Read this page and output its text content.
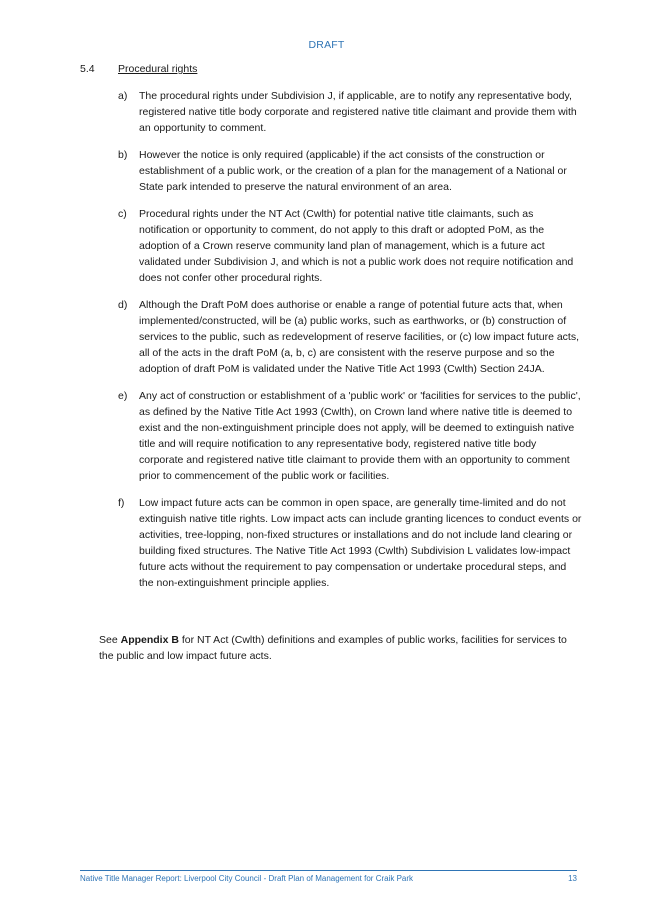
DRAFT
5.4 Procedural rights
a) The procedural rights under Subdivision J, if applicable, are to notify any representative body, registered native title body corporate and registered native title claimant and provide them with an opportunity to comment.
b) However the notice is only required (applicable) if the act consists of the construction or establishment of a public work, or the creation of a plan for the management of a National or State park intended to preserve the natural environment of an area.
c) Procedural rights under the NT Act (Cwlth) for potential native title claimants, such as notification or opportunity to comment, do not apply to this draft or adopted PoM, as the adoption of a Crown reserve community land plan of management, which is a future act validated under Subdivision J, and which is not a public work does not require notification and does not confer other procedural rights.
d) Although the Draft PoM does authorise or enable a range of potential future acts that, when implemented/constructed, will be (a) public works, such as earthworks, or (b) construction of services to the public, such as redevelopment of reserve facilities, or (c) low impact future acts, all of the acts in the draft PoM (a, b, c) are consistent with the reserve purpose and so the adoption of draft PoM is validated under the Native Title Act 1993 (Cwlth) Section 24JA.
e) Any act of construction or establishment of a 'public work' or 'facilities for services to the public', as defined by the Native Title Act 1993 (Cwlth), on Crown land where native title is deemed to exist and the non-extinguishment principle does not apply, will be deemed to extinguish native title and will require notification to any representative body, registered native title body corporate and registered native title claimant to provide them with an opportunity to comment prior to commencement of the public work or facilities.
f) Low impact future acts can be common in open space, are generally time-limited and do not extinguish native title rights. Low impact acts can include granting licences to conduct events or activities, tree-lopping, non-fixed structures or installations and do not include land clearing or building fixed structures. The Native Title Act 1993 (Cwlth) Subdivision L validates low-impact future acts without the requirement to pay compensation or undertake procedural steps, and the non-extinguishment principle applies.
See Appendix B for NT Act (Cwlth) definitions and examples of public works, facilities for services to the public and low impact future acts.
Native Title Manager Report: Liverpool City Council - Draft Plan of Management for Craik Park	13
